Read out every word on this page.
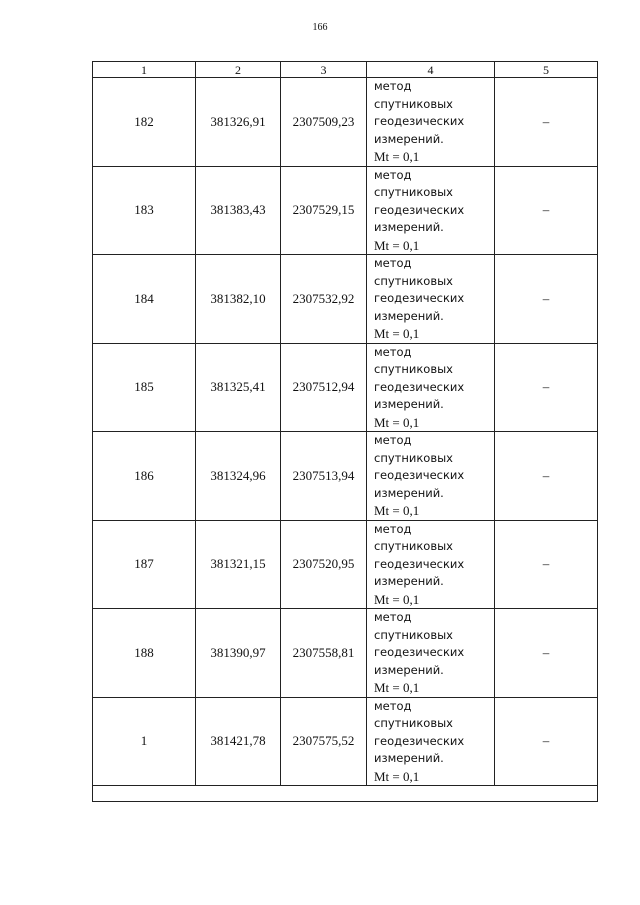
166
1	2	3	4	5
182	381326,91	2307509,23	метод
спутниковых
геодезических
измерений.
Mt = 0,1	–
183	381383,43	2307529,15	метод
спутниковых
геодезических
измерений.
Mt = 0,1	–
184	381382,10	2307532,92	метод
спутниковых
геодезических
измерений.
Mt = 0,1	–
185	381325,41	2307512,94	метод
спутниковых
геодезических
измерений.
Mt = 0,1	–
186	381324,96	2307513,94	метод
спутниковых
геодезических
измерений.
Mt = 0,1	–
187	381321,15	2307520,95	метод
спутниковых
геодезических
измерений.
Mt = 0,1	–
188	381390,97	2307558,81	метод
спутниковых
геодезических
измерений.
Mt = 0,1	–
1	381421,78	2307575,52	метод
спутниковых
геодезических
измерений.
Mt = 0,1	–
